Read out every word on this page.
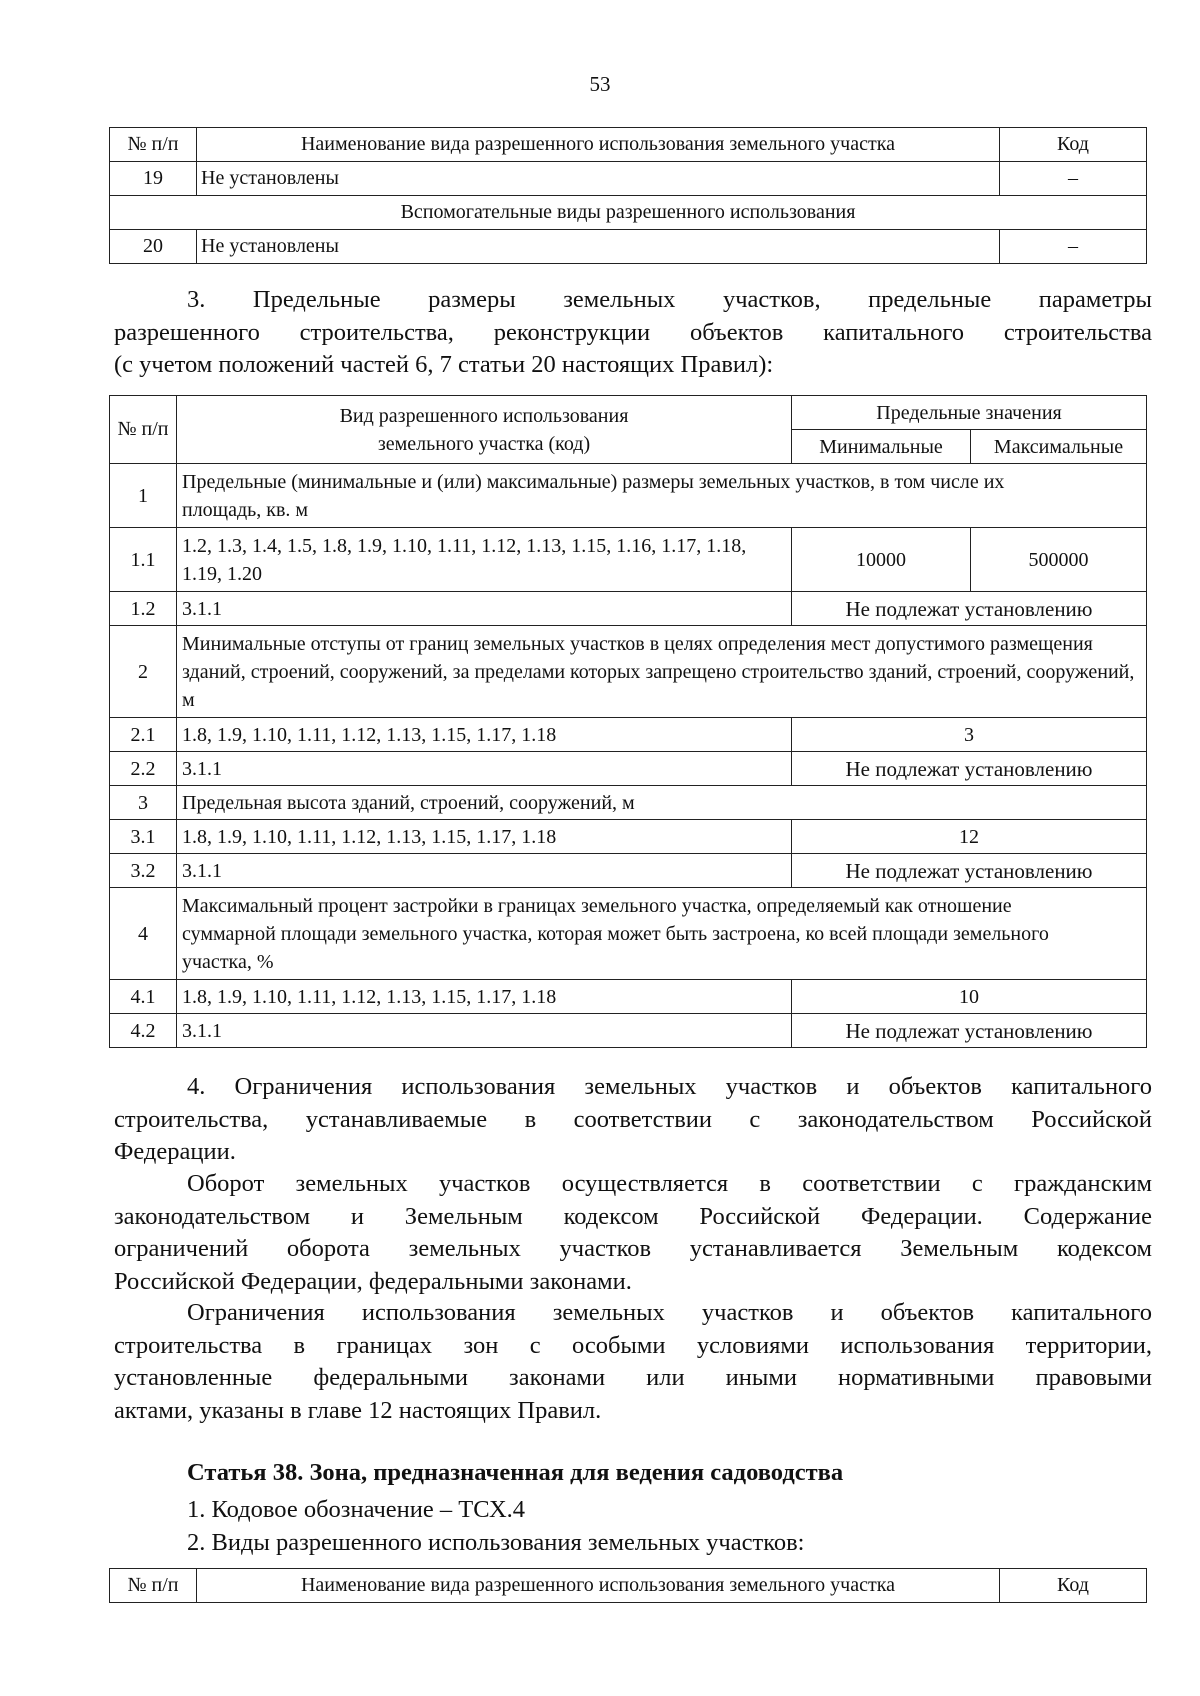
53
№ п/п	Наименование вида разрешенного использования земельного участка	Код
19	Не установлены	–
Вспомогательные виды разрешенного использования		
20	Не установлены	–
3. Предельные размеры земельных участков, предельные параметры
разрешенного строительства, реконструкции объектов капитального строительства
(с учетом положений частей 6, 7 статьи 20 настоящих Правил):
№ п/п	Вид разрешенного использования земельного участка (код)	Предельные значения	
		Минимальные	Максимальные
1	Предельные (минимальные и (или) максимальные) размеры земельных участков, в том числе их площадь, кв. м		
1.1	1.2, 1.3, 1.4, 1.5, 1.8, 1.9, 1.10, 1.11, 1.12, 1.13, 1.15, 1.16, 1.17, 1.18, 1.19, 1.20	10000	500000
1.2	3.1.1	Не подлежат установлению	
2	Минимальные отступы от границ земельных участков в целях определения мест допустимого размещения зданий, строений, сооружений, за пределами которых запрещено строительство зданий, строений, сооружений, м		
2.1	1.8, 1.9, 1.10, 1.11, 1.12, 1.13, 1.15, 1.17, 1.18	3	
2.2	3.1.1	Не подлежат установлению	
3	Предельная высота зданий, строений, сооружений, м		
3.1	1.8, 1.9, 1.10, 1.11, 1.12, 1.13, 1.15, 1.17, 1.18	12	
3.2	3.1.1	Не подлежат установлению	
4	Максимальный процент застройки в границах земельного участка, определяемый как отношение суммарной площади земельного участка, которая может быть застроена, ко всей площади земельного участка, %		
4.1	1.8, 1.9, 1.10, 1.11, 1.12, 1.13, 1.15, 1.17, 1.18	10	
4.2	3.1.1	Не подлежат установлению	
4. Ограничения использования земельных участков и объектов капитального
строительства, устанавливаемые в соответствии с законодательством Российской
Федерации.
Оборот земельных участков осуществляется в соответствии с гражданским
законодательством и Земельным кодексом Российской Федерации. Содержание
ограничений оборота земельных участков устанавливается Земельным кодексом
Российской Федерации, федеральными законами.
Ограничения использования земельных участков и объектов капитального
строительства в границах зон с особыми условиями использования территории,
установленные федеральными законами или иными нормативными правовыми
актами, указаны в главе 12 настоящих Правил.
Статья 38. Зона, предназначенная для ведения садоводства
1. Кодовое обозначение – ТСХ.4
2. Виды разрешенного использования земельных участков:
№ п/п	Наименование вида разрешенного использования земельного участка	Код
